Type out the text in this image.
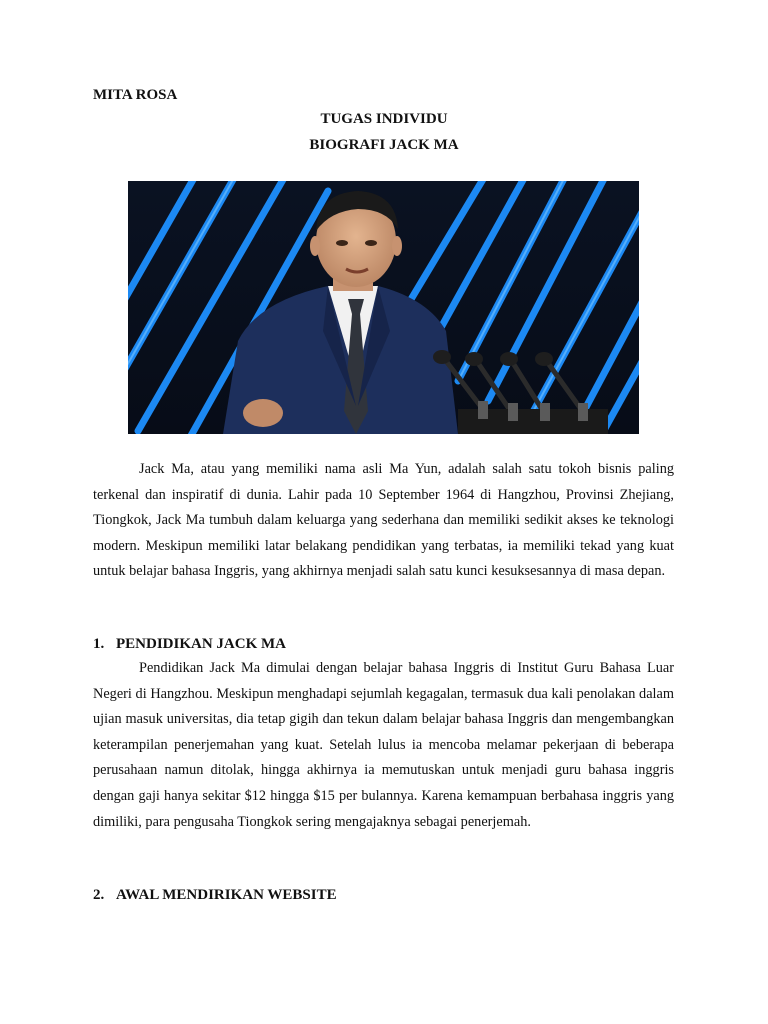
MITA ROSA
TUGAS INDIVIDU
BIOGRAFI JACK MA

Jack Ma, atau yang memiliki nama asli Ma Yun, adalah salah satu tokoh bisnis paling terkenal dan inspiratif di dunia. Lahir pada 10 September 1964 di Hangzhou, Provinsi Zhejiang, Tiongkok, Jack Ma tumbuh dalam keluarga yang sederhana dan memiliki sedikit akses ke teknologi modern. Meskipun memiliki latar belakang pendidikan yang terbatas, ia memiliki tekad yang kuat untuk belajar bahasa Inggris, yang akhirnya menjadi salah satu kunci kesuksesannya di masa depan.

1. PENDIDIKAN JACK MA

Pendidikan Jack Ma dimulai dengan belajar bahasa Inggris di Institut Guru Bahasa Luar Negeri di Hangzhou. Meskipun menghadapi sejumlah kegagalan, termasuk dua kali penolakan dalam ujian masuk universitas, dia tetap gigih dan tekun dalam belajar bahasa Inggris dan mengembangkan keterampilan penerjemahan yang kuat. Setelah lulus ia mencoba melamar pekerjaan di beberapa perusahaan namun ditolak, hingga akhirnya ia memutuskan untuk menjadi guru bahasa inggris dengan gaji hanya sekitar $12 hingga $15 per bulannya. Karena kemampuan berbahasa inggris yang dimiliki, para pengusaha Tiongkok sering mengajaknya sebagai penerjemah.

2. AWAL MENDIRIKAN WEBSITE
